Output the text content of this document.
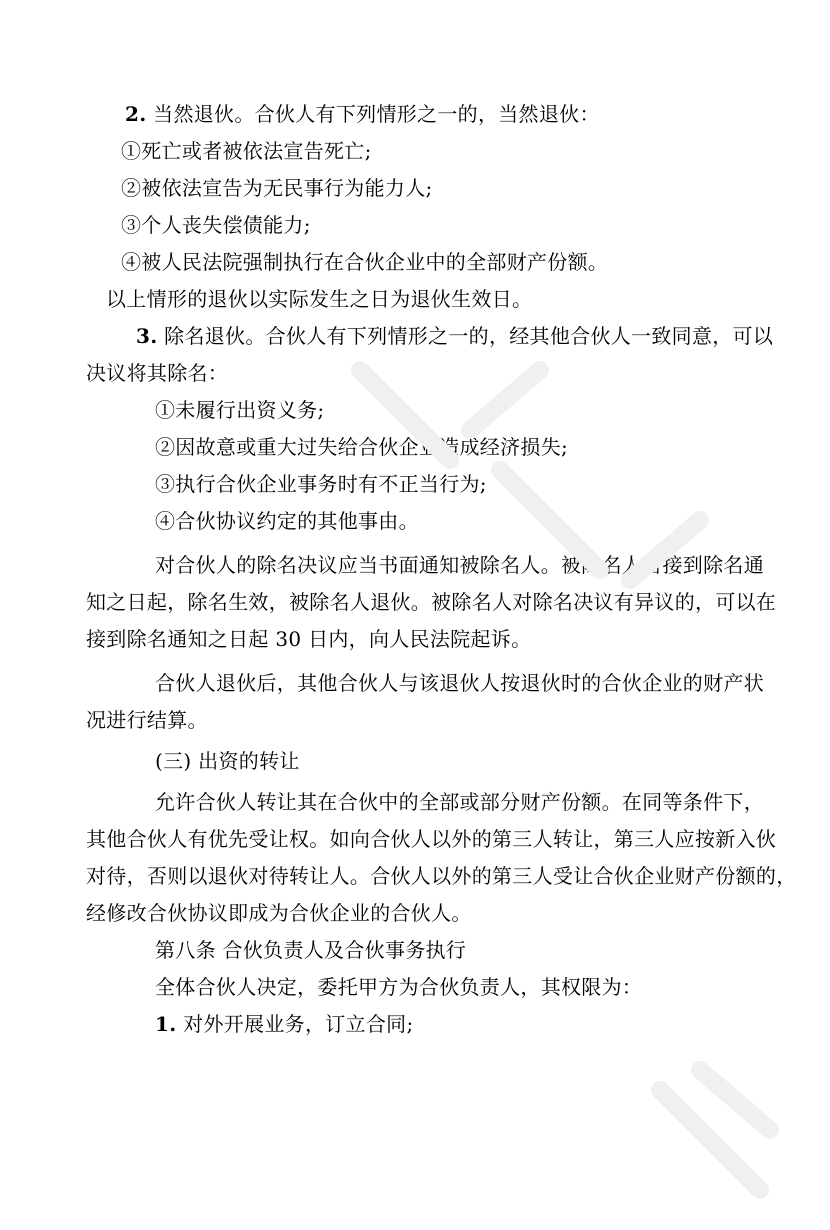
2. 当然退伙。合伙人有下列情形之一的，当然退伙：
①死亡或者被依法宣告死亡;
②被依法宣告为无民事行为能力人;
③个人丧失偿债能力;
④被人民法院强制执行在合伙企业中的全部财产份额。
以上情形的退伙以实际发生之日为退伙生效日。
3. 除名退伙。合伙人有下列情形之一的，经其他合伙人一致同意，可以
决议将其除名：
①未履行出资义务;
②因故意或重大过失给合伙企业造成经济损失;
③执行合伙企业事务时有不正当行为;
④合伙协议约定的其他事由。
对合伙人的除名决议应当书面通知被除名人。被除名人自接到除名通
知之日起，除名生效，被除名人退伙。被除名人对除名决议有异议的，可以在
接到除名通知之日起 30 日内，向人民法院起诉。
合伙人退伙后，其他合伙人与该退伙人按退伙时的合伙企业的财产状
况进行结算。
(三) 出资的转让
允许合伙人转让其在合伙中的全部或部分财产份额。在同等条件下，
其他合伙人有优先受让权。如向合伙人以外的第三人转让，第三人应按新入伙
对待，否则以退伙对待转让人。合伙人以外的第三人受让合伙企业财产份额的，
经修改合伙协议即成为合伙企业的合伙人。
第八条 合伙负责人及合伙事务执行
全体合伙人决定，委托甲方为合伙负责人，其权限为：
1. 对外开展业务，订立合同;
